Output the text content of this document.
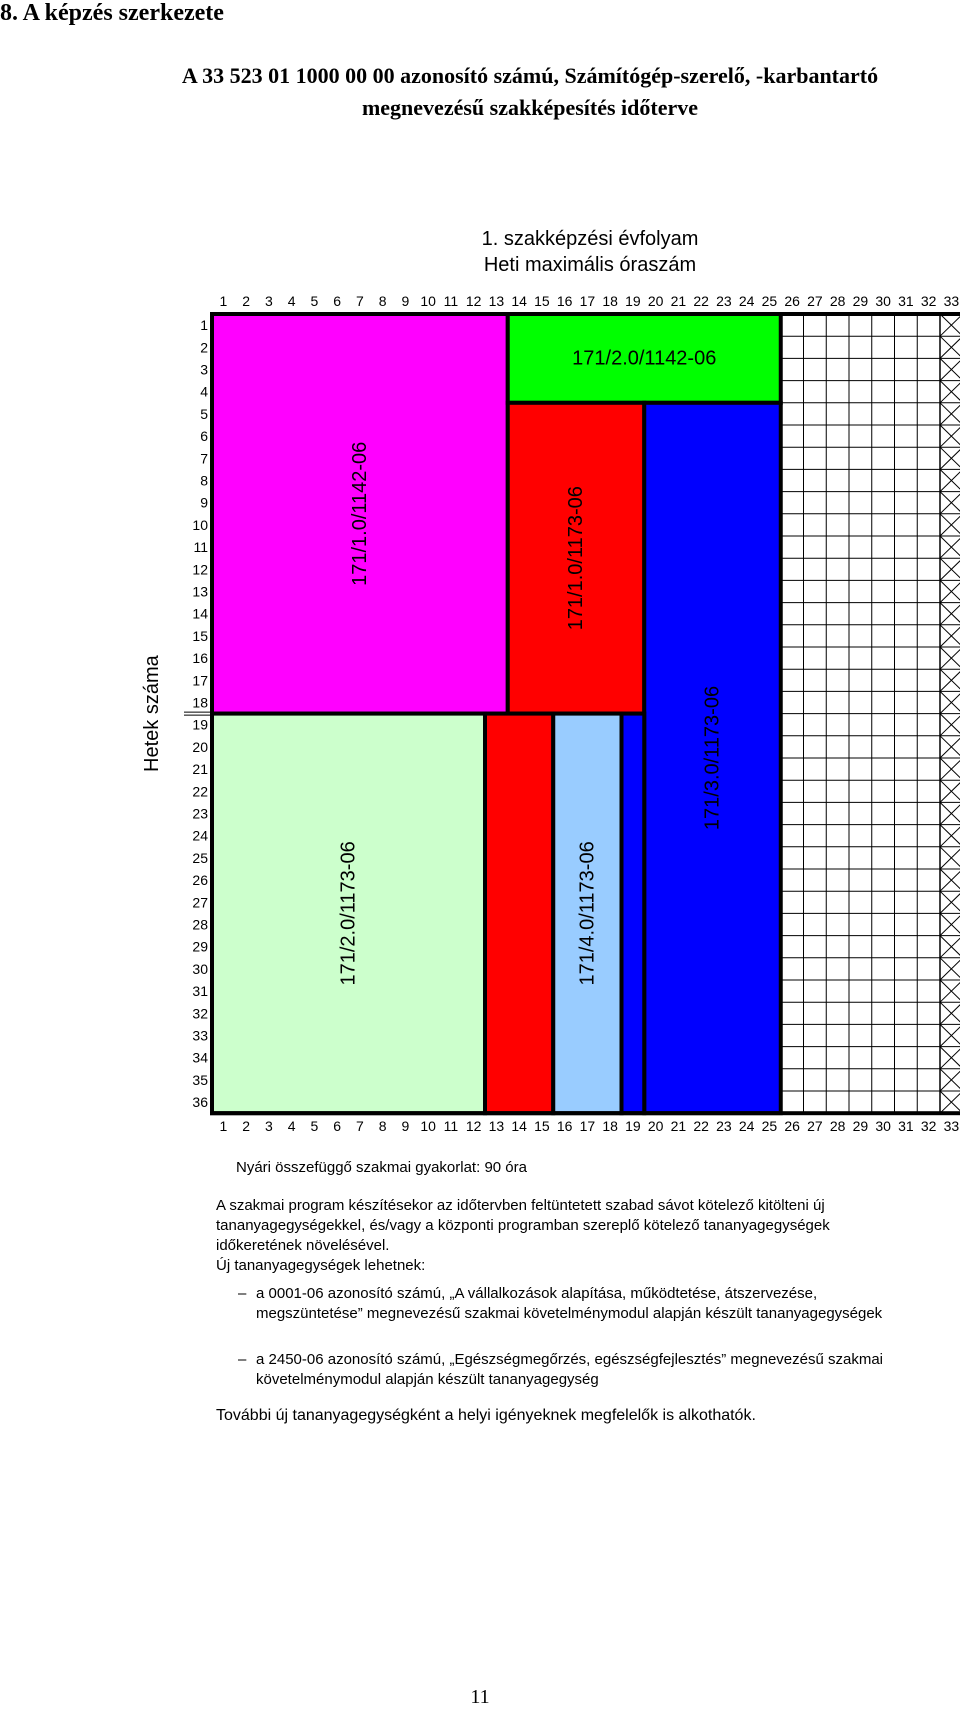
8. A képzés szerkezete
A 33 523 01 1000 00 00 azonosító számú, Számítógép-szerelő, -karbantartó
megnevezésű szakképesítés időterve
1. szakképzési évfolyam
Heti maximális óraszám
171/1.0/1142-06
171/2.0/1142-06
171/1.0/1173-06
171/3.0/1173-06
171/2.0/1173-06	171/4.0/1173-06
1
1
2
2
3
3
4
4
5
5
6
6
7
7
8
8
9
9
10
10
11
11
12
12
13
13
14
14
15
15
16
16
17
17
18
18
19
19
20
20
21
21
22
22
23
23
24
24
25
25
26
26
27
27
28
28
29
29
30
30
31
31
32
32
33
33
1
2
3
4
5
6
7
8
9
10
11
12
13
14
15
16
17
18
19
20
21
22
23
24
25
26
27
28
29
30
31
32
33
34
35
36
Hetek száma

Nyári összefüggő szakmai gyakorlat: 90 óra

A szakmai program készítésekor az időtervben feltüntetett szabad sávot kötelező kitölteni új tananyagegységekkel, és/vagy a központi programban szereplő kötelező tananyagegységek időkeretének növelésével.

Új tananyagegységek lehetnek:

– a 0001-06 azonosító számú, „A vállalkozások alapítása, működtetése, átszervezése, megszüntetése” megnevezésű szakmai követelménymodul alapján készült tananyagegységek
– a 2450-06 azonosító számú, „Egészségmegőrzés, egészségfejlesztés” megnevezésű szakmai követelménymodul alapján készült tananyagegység

További új tananyagegységként a helyi igényeknek megfelelők is alkothatók.

11
